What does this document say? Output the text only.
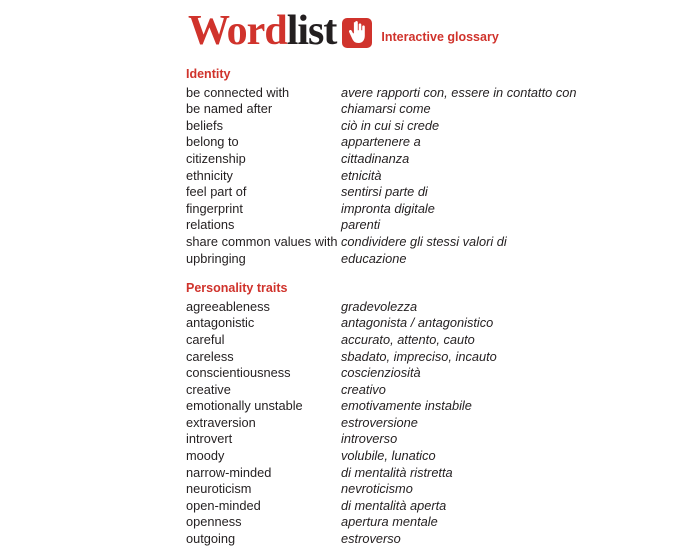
Wordlist	Interactive glossary
Identity
be connected with	avere rapporti con, essere in contatto con
be named after	chiamarsi come
beliefs	ciò in cui si crede
belong to	appartenere a
citizenship	cittadinanza
ethnicity	etnicità
feel part of	sentirsi parte di
fingerprint	impronta digitale
relations	parenti
share common values with condividere gli stessi valori di
upbringing	educazione
Personality traits
agreeableness	gradevolezza
antagonistic	antagonista / antagonistico
careful	accurato, attento, cauto
careless	sbadato, impreciso, incauto
conscientiousness	coscienziosità
creative	creativo
emotionally unstable	emotivamente instabile
extraversion	estroversione
introvert	introverso
moody	volubile, lunatico
narrow-minded	di mentalità ristretta
neuroticism	nevroticismo
open-minded	di mentalità aperta
openness	apertura mentale
outgoing	estroverso
